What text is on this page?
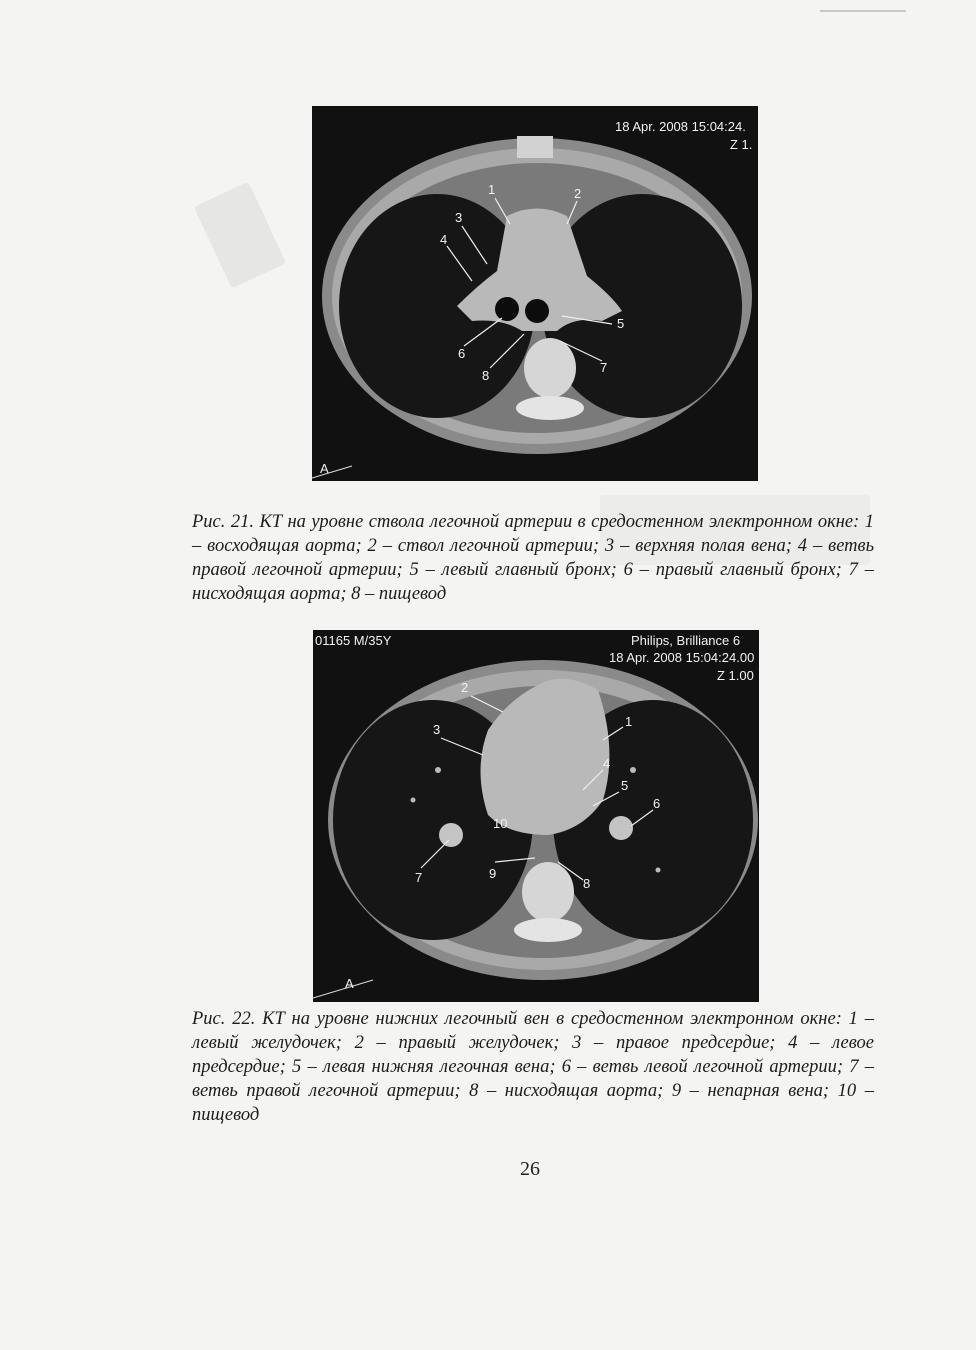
18 Apr. 2008 15:04:24.
Z 1.
A
1	2
3
4
5
6
7
8
Рис. 21. КТ на уровне ствола легочной артерии в средостенном электронном окне: 1 – восходящая аорта; 2 – ствол легочной артерии; 3 – верхняя полая вена; 4 – ветвь правой легочной артерии; 5 – левый главный бронх; 6 – правый главный бронх; 7 – нисходящая аорта; 8 – пищевод
01165 M/35Y	Philips, Brilliance 6
18 Apr. 2008 15:04:24.00
Z 1.00
A
1
2
3
4
5
6
7	8
9
10
Рис. 22. КТ на уровне нижних легочный вен в средостенном электронном окне: 1 – левый желудочек; 2 – правый желудочек; 3 – правое предсердие; 4 – левое предсердие; 5 – левая нижняя легочная вена; 6 – ветвь левой легочной артерии; 7 – ветвь правой легочной артерии; 8 – нисходящая аорта; 9 – непарная вена; 10 – пищевод
26
